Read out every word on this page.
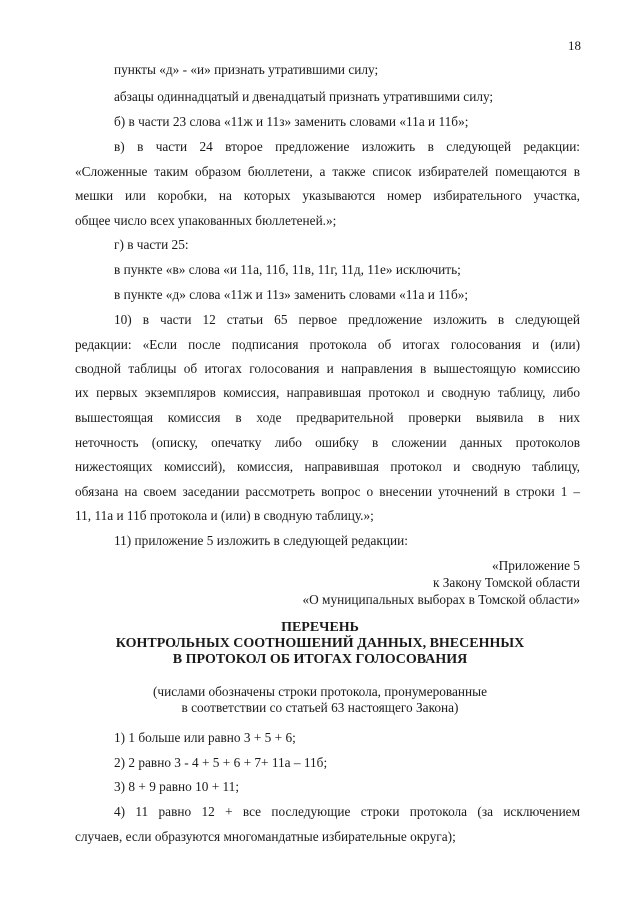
18
пункты «д» - «и» признать утратившими силу;
абзацы одиннадцатый и двенадцатый признать утратившими силу;
б) в части 23 слова «11ж и 11з» заменить словами «11а и 11б»;
в) в части 24 второе предложение изложить в следующей редакции:
«Сложенные таким образом бюллетени, а также список избирателей помещаются в
мешки или коробки, на которых указываются номер избирательного участка,
общее число всех упакованных бюллетеней.»;
г) в части 25:
в пункте «в» слова «и 11а, 11б, 11в, 11г, 11д, 11е» исключить;
в пункте «д» слова «11ж и 11з» заменить словами «11а и 11б»;
10) в части 12 статьи 65 первое предложение изложить в следующей
редакции: «Если после подписания протокола об итогах голосования и (или)
сводной таблицы об итогах голосования и направления в вышестоящую комиссию
их первых экземпляров комиссия, направившая протокол и сводную таблицу, либо
вышестоящая комиссия в ходе предварительной проверки выявила в них
неточность (описку, опечатку либо ошибку в сложении данных протоколов
нижестоящих комиссий), комиссия, направившая протокол и сводную таблицу,
обязана на своем заседании рассмотреть вопрос о внесении уточнений в строки 1 –
11, 11а и 11б протокола и (или) в сводную таблицу.»;
11) приложение 5 изложить в следующей редакции:
«Приложение 5
к Закону Томской области
«О муниципальных выборах в Томской области»
ПЕРЕЧЕНЬ
КОНТРОЛЬНЫХ СООТНОШЕНИЙ ДАННЫХ, ВНЕСЕННЫХ
В ПРОТОКОЛ ОБ ИТОГАХ ГОЛОСОВАНИЯ
(числами обозначены строки протокола, пронумерованные
в соответствии со статьей 63 настоящего Закона)
1) 1 больше или равно 3 + 5 + 6;
2) 2 равно 3 - 4 + 5 + 6 + 7+ 11а – 11б;
3) 8 + 9 равно 10 + 11;
4) 11 равно 12 + все последующие строки протокола (за исключением
случаев, если образуются многомандатные избирательные округа);
